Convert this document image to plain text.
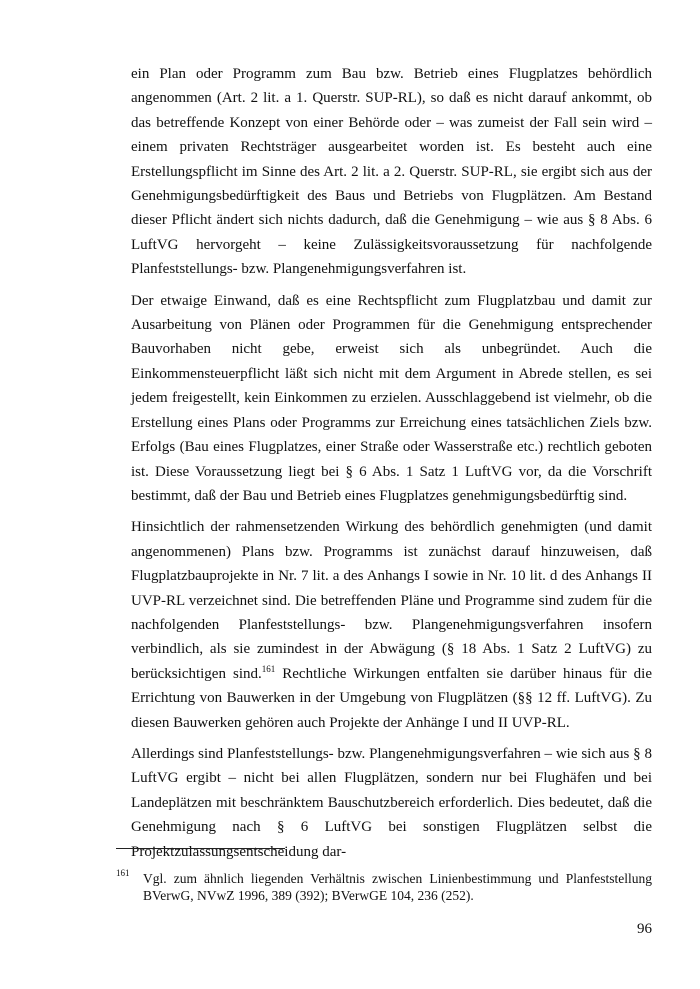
ein Plan oder Programm zum Bau bzw. Betrieb eines Flugplatzes behördlich angenommen (Art. 2 lit. a 1. Querstr. SUP-RL), so daß es nicht darauf ankommt, ob das betreffende Konzept von einer Behörde oder – was zumeist der Fall sein wird – einem privaten Rechtsträger ausgearbeitet worden ist. Es besteht auch eine Erstellungspflicht im Sinne des Art. 2 lit. a 2. Querstr. SUP-RL, sie ergibt sich aus der Genehmigungsbedürftigkeit des Baus und Betriebs von Flugplätzen. Am Bestand dieser Pflicht ändert sich nichts dadurch, daß die Genehmigung – wie aus § 8 Abs. 6 LuftVG hervorgeht – keine Zulässigkeitsvoraussetzung für nachfolgende Planfeststellungs- bzw. Plangenehmigungsverfahren ist.

Der etwaige Einwand, daß es eine Rechtspflicht zum Flugplatzbau und damit zur Ausarbeitung von Plänen oder Programmen für die Genehmigung entsprechender Bauvorhaben nicht gebe, erweist sich als unbegründet. Auch die Einkommensteuerpflicht läßt sich nicht mit dem Argument in Abrede stellen, es sei jedem freigestellt, kein Einkommen zu erzielen. Ausschlaggebend ist vielmehr, ob die Erstellung eines Plans oder Programms zur Erreichung eines tatsächlichen Ziels bzw. Erfolgs (Bau eines Flugplatzes, einer Straße oder Wasserstraße etc.) rechtlich geboten ist. Diese Voraussetzung liegt bei § 6 Abs. 1 Satz 1 LuftVG vor, da die Vorschrift bestimmt, daß der Bau und Betrieb eines Flugplatzes genehmigungsbedürftig sind.

Hinsichtlich der rahmensetzenden Wirkung des behördlich genehmigten (und damit angenommenen) Plans bzw. Programms ist zunächst darauf hinzuweisen, daß Flugplatzbauprojekte in Nr. 7 lit. a des Anhangs I sowie in Nr. 10 lit. d des Anhangs II UVP-RL verzeichnet sind. Die betreffenden Pläne und Programme sind zudem für die nachfolgenden Planfeststellungs- bzw. Plangenehmigungsverfahren insofern verbindlich, als sie zumindest in der Abwägung (§ 18 Abs. 1 Satz 2 LuftVG) zu berücksichtigen sind.$^{161}$ Rechtliche Wirkungen entfalten sie darüber hinaus für die Errichtung von Bauwerken in der Umgebung von Flugplätzen (§§ 12 ff. LuftVG). Zu diesen Bauwerken gehören auch Projekte der Anhänge I und II UVP-RL.

Allerdings sind Planfeststellungs- bzw. Plangenehmigungsverfahren – wie sich aus § 8 LuftVG ergibt – nicht bei allen Flugplätzen, sondern nur bei Flughäfen und bei Landeplätzen mit beschränktem Bauschutzbereich erforderlich. Dies bedeutet, daß die Genehmigung nach § 6 LuftVG bei sonstigen Flugplätzen selbst die Projektzulassungsentscheidung dar-

161 Vgl. zum ähnlich liegenden Verhältnis zwischen Linienbestimmung und Planfeststellung BVerwG, NVwZ 1996, 389 (392); BVerwGE 104, 236 (252).

96
